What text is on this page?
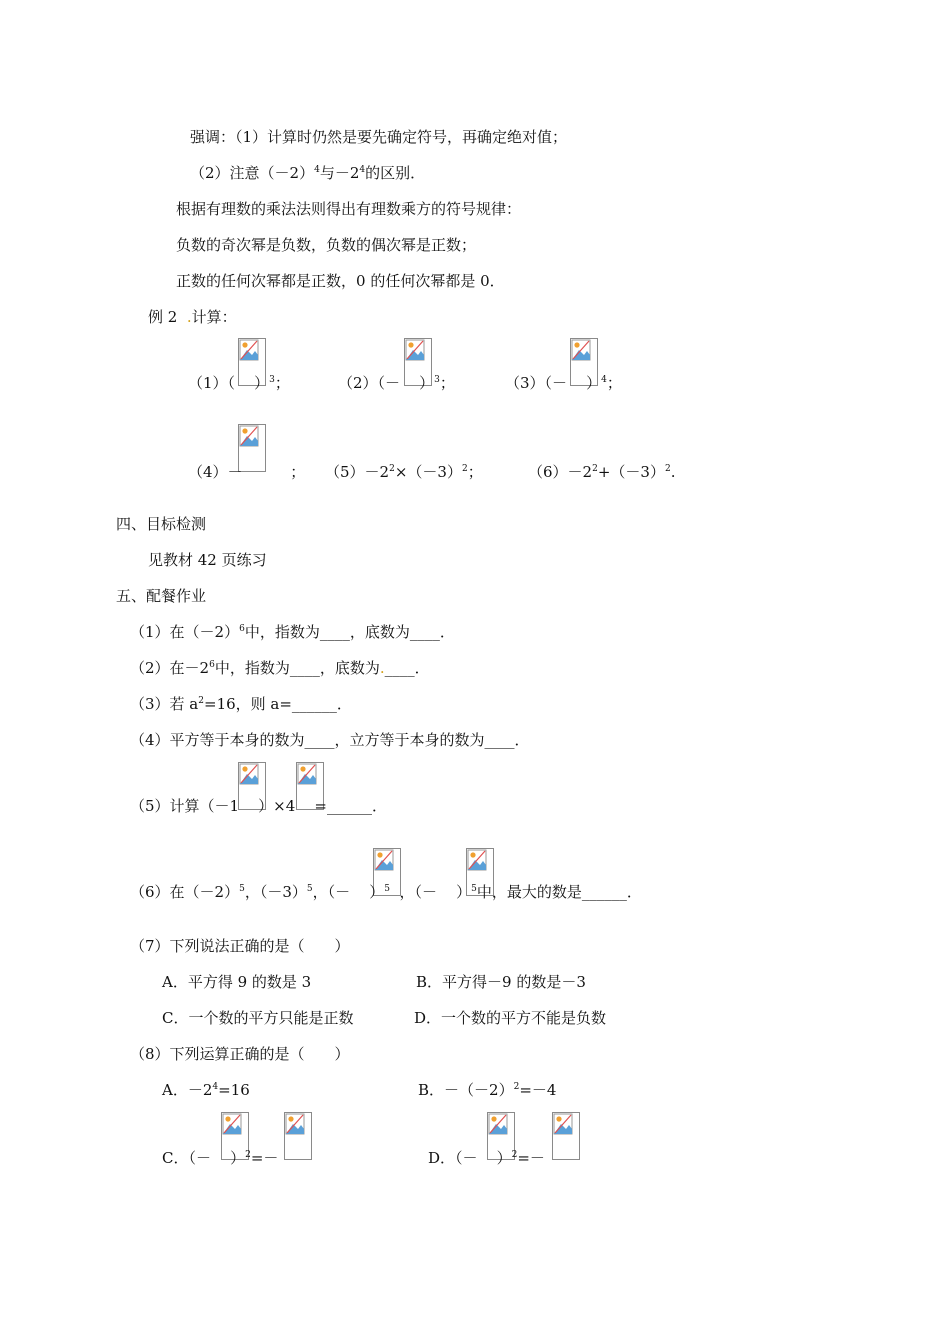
强调：（1）计算时仍然是要先确定符号，再确定绝对值；
（2）注意$(-2)^4$与$-2^4$的区别．
根据有理数的乘法法则得出有理数乘方的符号规律：
负数的奇次幂是负数，负数的偶次幂是正数；
正数的任何次幂都是正数，0 的任何次幂都是 0．
例 2 .计算：
（1）（ ）$^3$；	$(2)(- )^3$；	$(3)(- )^4$；
（4）－	； $(5)-2^2\times(-3)^2$；	$(6)-2^2+(-3)^2$.
四、目标检测
见教材 42 页练习
五、配餐作业
（1）在$(-2)^6$中，指数为____，底数为____．
（2）在$-2^6$中，指数为____，底数为.____．
（3）若 $a^2=16$，则 a=______．
（4）平方等于本身的数为____，立方等于本身的数为____．
（5）计算（－1 ）×4 =______．
（6）在$(-2)^5$，$(-3)^5$，（－ ）$^5$ ，（－ ）$^5$中，最大的数是______．
（7）下列说法正确的是（　　）
A．平方得 9 的数是 3	B．平方得－9 的数是－3
C．一个数的平方只能是正数	D．一个数的平方不能是负数
（8）下列运算正确的是（　　）
A．$-2^4=16$	B．$-(-2)^2=-4$
C．（－ ）$^2$=－	D．（－ ）$^2$=－
